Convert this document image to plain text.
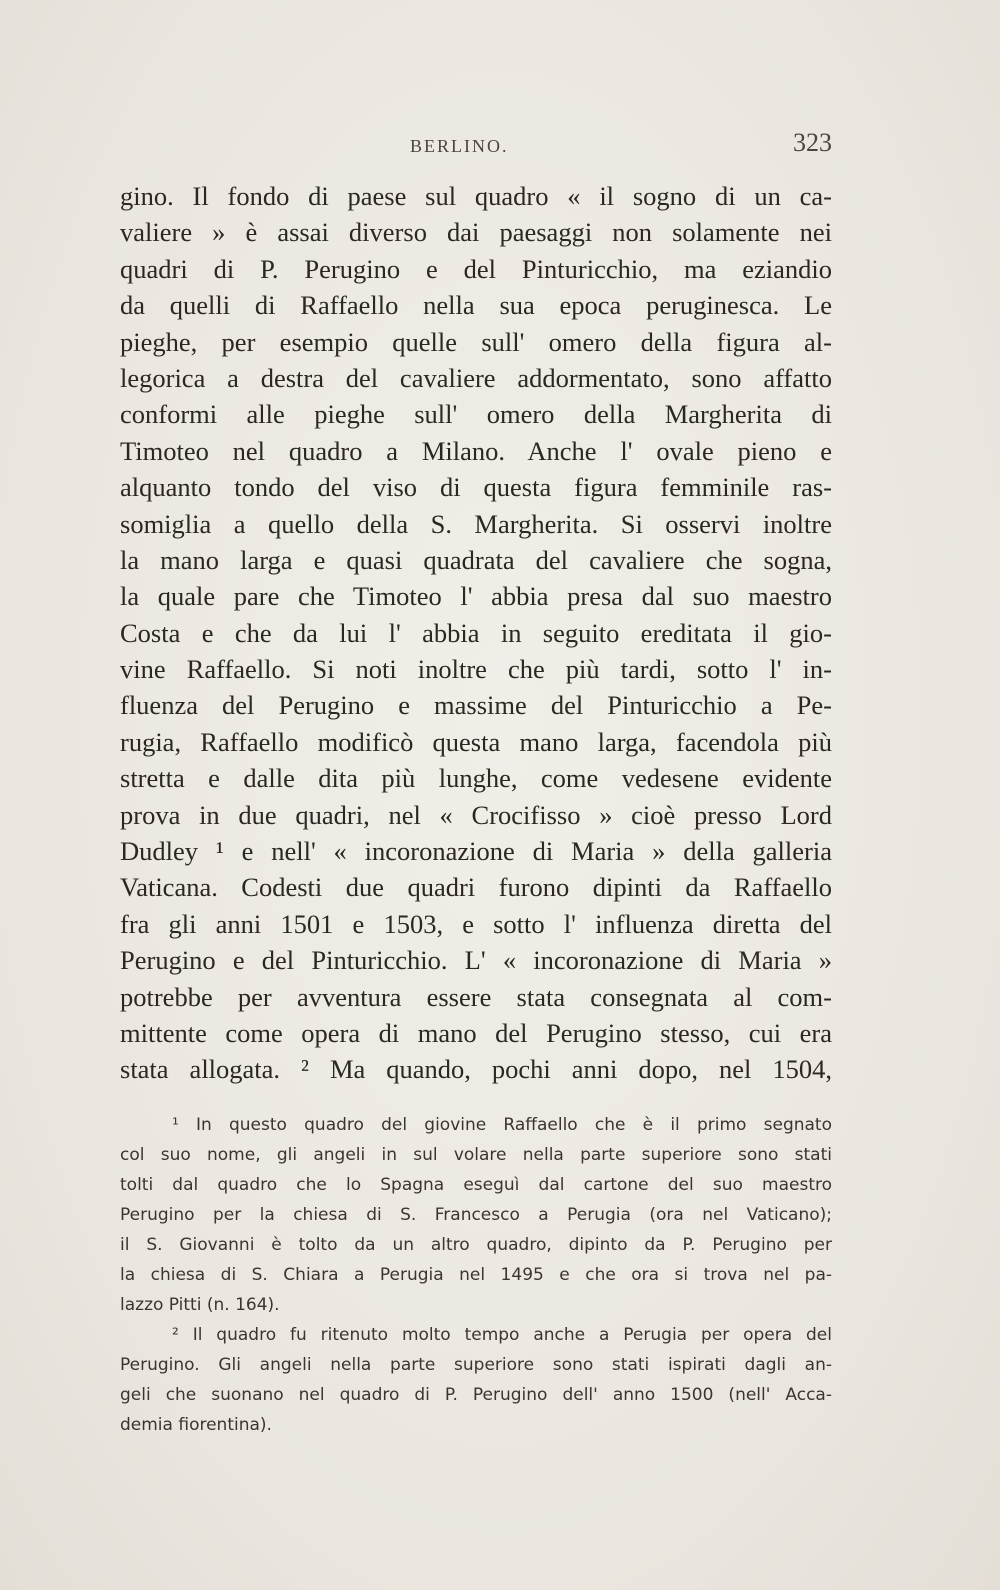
BERLINO.	323
gino. Il fondo di paese sul quadro « il sogno di un ca-
valiere » è assai diverso dai paesaggi non solamente nei
quadri di P. Perugino e del Pinturicchio, ma eziandio
da quelli di Raffaello nella sua epoca peruginesca. Le
pieghe, per esempio quelle sull' omero della figura al-
legorica a destra del cavaliere addormentato, sono affatto
conformi alle pieghe sull' omero della Margherita di
Timoteo nel quadro a Milano. Anche l' ovale pieno e
alquanto tondo del viso di questa figura femminile ras-
somiglia a quello della S. Margherita. Si osservi inoltre
la mano larga e quasi quadrata del cavaliere che sogna,
la quale pare che Timoteo l' abbia presa dal suo maestro
Costa e che da lui l' abbia in seguito ereditata il gio-
vine Raffaello. Si noti inoltre che più tardi, sotto l' in-
fluenza del Perugino e massime del Pinturicchio a Pe-
rugia, Raffaello modificò questa mano larga, facendola più
stretta e dalle dita più lunghe, come vedesene evidente
prova in due quadri, nel « Crocifisso » cioè presso Lord
Dudley ¹ e nell' « incoronazione di Maria » della galleria
Vaticana. Codesti due quadri furono dipinti da Raffaello
fra gli anni 1501 e 1503, e sotto l' influenza diretta del
Perugino e del Pinturicchio. L' « incoronazione di Maria »
potrebbe per avventura essere stata consegnata al com-
mittente come opera di mano del Perugino stesso, cui era
stata allogata. ² Ma quando, pochi anni dopo, nel 1504,
¹ In questo quadro del giovine Raffaello che è il primo segnato
col suo nome, gli angeli in sul volare nella parte superiore sono stati
tolti dal quadro che lo Spagna eseguì dal cartone del suo maestro
Perugino per la chiesa di S. Francesco a Perugia (ora nel Vaticano);
il S. Giovanni è tolto da un altro quadro, dipinto da P. Perugino per
la chiesa di S. Chiara a Perugia nel 1495 e che ora si trova nel pa-
lazzo Pitti (n. 164).
² Il quadro fu ritenuto molto tempo anche a Perugia per opera del
Perugino. Gli angeli nella parte superiore sono stati ispirati dagli an-
geli che suonano nel quadro di P. Perugino dell' anno 1500 (nell' Acca-
demia fiorentina).
